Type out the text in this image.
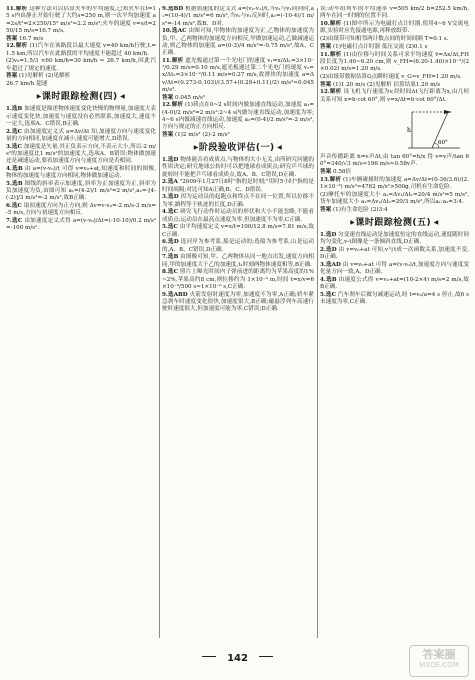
11.解析 这种方法可以估算火车的平均速度,已知火车在t=15 s内由静止开始行驶了大约s=250 m,则一次平均加速度 a=2s/t²=2×250/15² m/s²≈2.2 m/s²;火车的速度 v=s/t=250/15 m/s=16.7 m/s.

答案 16.7 m/s

12.解析 (1)汽车在该路段以最大速度 v=40 km/h行驶,L=1.5 km,所以汽车在此路段的平均速度不能超过 40 km/h.

(2)v₀=1.5/3 ×60 km/h=30 km/h ≈ 26.7 km/h,因此汽车超过了规定的速度.

答案 (1)见解析 (2)见解析

26.7 km/h 超速

▶ 课时跟踪检测(四) ◀

1.选B 加速度是描述物体速度变化快慢的物理量,加速度大表示速度变化快,加速度与速度没有必然联系,加速度大,速度不一定大,选项A、C错误,B正确.

2.选C 由加速度定义式 a=Δv/Δt 知,加速度方向与速度变化量的方向相同,加速度在减小,速度可能增大,D错误.

3.选C 加速度是矢量,其正负表示方向,不表示大小,所以-2 m/s²的加速度比1 m/s²的加速度大,选项A、B错误;物体做加速还是减速运动,要看加速度方向与速度方向是否相同.

4.选B 由 a=(v-v₀)/t 可得 v=v₀+at,知速度和时间的图像,物体的加速度与速度方向相同,物体做加速运动.

5.选B 图线的斜率表示加速度,斜率为正加速度为正,斜率为负加速度为负,由图可知 a₁=(4-2)/1 m/s²=2 m/s²,a₂=-[4-(-2)]/3 m/s²=-2 m/s²,故B正确.

6.选C 取初速度方向为正方向,则 Δv=v-v₀=-2 m/s-3 m/s=-5 m/s,方向与初速度方向相反.

7.选C 由加速度定义式得 a=(v-v₀)/Δt=(-10-10)/0.2 m/s²=-100 m/s².

9.选BD 根据加速度的定义式 a=(v₂-v₁)/t,当v₂与v₁同向时,a₁=(10-4)/1 m/s²=6 m/s²,当v₂与v₁反向时,a₂=(-10-4)/1 m/s²=-14 m/s²,故B、D对.

10.选AC 由图可知,甲物体的加速度为正,乙物体的加速度为负,甲、乙两物体的加速度方向相反,甲做加速运动,乙做减速运动,则乙物体的加速度 a=(0-3)/4 m/s²=-0.75 m/s²,故A、C正确.

11.解析 遮光板通过第一个光电门的速度 v₁=x/Δt₁=3×10⁻²/0.29 m/s=0.10 m/s,遮光板通过第二个光电门的速度 v₂=x/Δt₂=3×10⁻²/0.11 m/s=0.27 m/s,故滑块的加速度 a=Δv/Δt=(0.273-0.103)/(3.57+(0.29+0.11)/2) m/s²≈0.045 m/s².

答案 0.045 m/s²

12.解析 (1)质点在0~2 s时间内做加速直线运动,加速度 a₁=(4-0)/2 m/s²=2 m/s²;2~4 s内做匀速直线运动,加速度为零;4~6 s内做减速直线运动,加速度 a₃=(0-4)/2 m/s²=-2 m/s²,方向与规定的正方向相反.

答案 (1)2 m/s² (2)-2 m/s²

▶ 阶段验收评估(一) ◀

1.选D 物体能否看成质点,与物体的大小无关,由所研究问题的性质决定;研究地球公转时可以把地球看成质点;研究乒乓球的旋转时不能把乒乓球看成质点,故A、B、C错误,D正确.

2.选A "2009年1月27日8时"指的是时刻;"用时5小时"指的是时间间隔;对比可知A正确,B、C、D错误.

3.选D 因为运动员的起跑点和终点不在同一位置,所以位移不为零,路程等于轨迹的长度,D正确.

4.选C 研究飞行动作时运动员的形状和大小不能忽略,不能看成质点;运动员在最高点速度为零,但加速度不为零,C正确.

5.选C 由平均速度定义 v=x/t=100/12.8 m/s=7.81 m/s,故C正确.

6.选D 选河岸为参考系,船是运动的;选船为参考系,山是运动的,A、B、C错误,D正确.

7.选B 由图像可知,甲、乙两物体从同一地点出发,速度方向相同,甲的加速度大于乙的加速度,t₁时刻两物体速度相等,B正确.

8.选C 照片上曝光时间内子弹前进的距离约为苹果高度的1%~2%,苹果高约8 cm,则位移约为 1×10⁻³ m,时间 t=x/v=6×10⁻⁴/500 s≈1×10⁻⁶ s,C正确.

9.选ABD 火箭发射时速度为零,加速度不为零,A正确;轿车紧急刹车时速度变化很快,加速度很大,B正确;磁悬浮列车高速行驶时速度很大,但加速度可能为零,C错误;D正确.

误:动车组列车的平均速率 v=505 km/2 h=252.5 km/h,两车在同一时刻的位置不同.

10.解析 (1)图中所示为电磁打点计时器,使用4~6 V交流电源,实验时应先接通电源,再释放纸带.

(2)由纸带可知相邻两计数点间的时间间隔 T=0.1 s.

答案 (1)电磁打点计时器 低压交流 (2)0.1 s

11.解析 (1)由位移与时间关系可求平均速度 v̄=Δx/Δt,FH段长度为1.40~6.20 cm,则 v_FH=(6.20-1.40)×10⁻²/(2×0.02) m/s=1.20 m/s.

(2)由纸带数据估算G点瞬时速度 v_G≈v_FH=1.20 m/s.

答案 (1)1.20 m/s (2)见解析 估算结果1.20 m/s

12.解析 设飞机飞行速度为v,经时间Δt飞行距离为x,由几何关系可知 x=h·cot 60°,则 v=x/Δt=h·cot 60°/Δt.

h
60°

声音传播距离 h=v声Δt,由 tan 60°=h/x 得 v=v声/tan 60°=340/√3 m/s≈196 m/s≈0.58v声.

答案 0.58倍

13.解析 (1)车辆碰撞时的加速度 a=Δv/Δt=(0-36/3.6)/(2.1×10⁻³) m/s²≈4762 m/s²>500g,司机有生命危险.

(2)摩托车的加速度大小 a₁=Δv₁/Δt₁=20/4 m/s²=5 m/s²,货车加速度大小 a₂=Δv₂/Δt₂=20/3 m/s²,所以a₁:a₂=3:4.

答案 (1)有生命危险 (2)3:4

▶ 课时跟踪检测(五) ◀

1.选D 匀变速直线运动是加速度恒定的直线运动,速度随时间均匀变化,v-t图像是一条倾斜直线,D正确.

2.选D 由 v=v₀+at 可知,v与t成一次函数关系,加速度不变,D正确.

3.选AD 由 v=v₀+at 可得 a=(v-v₀)/t,加速度方向与速度变化量方向一致,A、D正确.

4.选B 由速度公式得 v=v₀+at=(10-2×4) m/s=2 m/s,故B正确.

5.选C 汽车刹车后做匀减速运动,经 t=v₀/a=4 s 停止,故6 s末速度为零,C正确.

142	答案圈
MXQE.COM
